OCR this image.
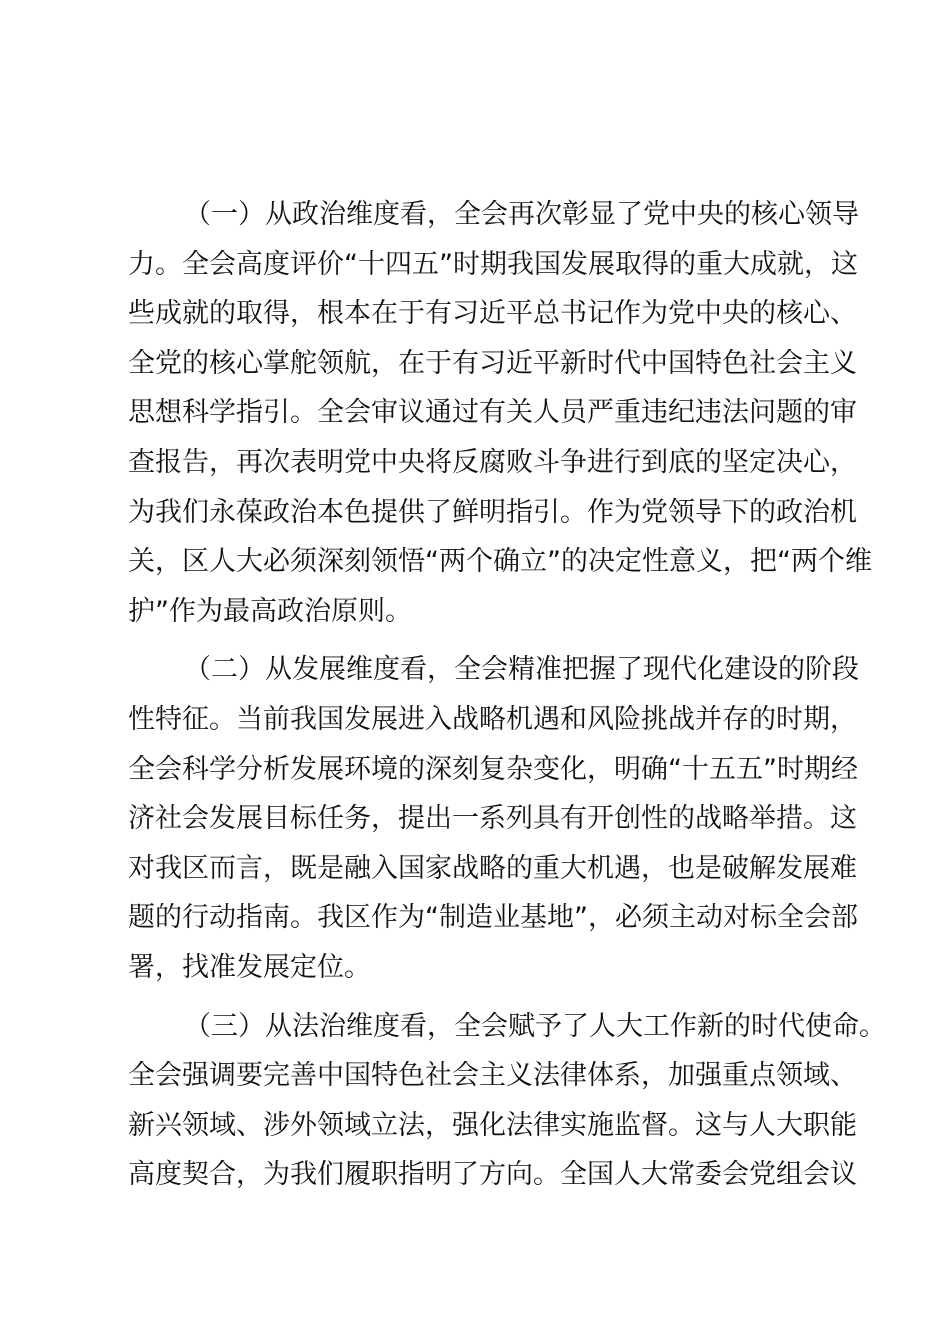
（一）从政治维度看，全会再次彰显了党中央的核心领导
力。全会高度评价“十四五”时期我国发展取得的重大成就，这
些成就的取得，根本在于有习近平总书记作为党中央的核心、
全党的核心掌舵领航，在于有习近平新时代中国特色社会主义
思想科学指引。全会审议通过有关人员严重违纪违法问题的审
查报告，再次表明党中央将反腐败斗争进行到底的坚定决心，
为我们永葆政治本色提供了鲜明指引。作为党领导下的政治机
关，区人大必须深刻领悟“两个确立”的决定性意义，把“两个维
护”作为最高政治原则。
（二）从发展维度看，全会精准把握了现代化建设的阶段
性特征。当前我国发展进入战略机遇和风险挑战并存的时期，
全会科学分析发展环境的深刻复杂变化，明确“十五五”时期经
济社会发展目标任务，提出一系列具有开创性的战略举措。这
对我区而言，既是融入国家战略的重大机遇，也是破解发展难
题的行动指南。我区作为“制造业基地”，必须主动对标全会部
署，找准发展定位。
（三）从法治维度看，全会赋予了人大工作新的时代使命。
全会强调要完善中国特色社会主义法律体系，加强重点领域、
新兴领域、涉外领域立法，强化法律实施监督。这与人大职能
高度契合，为我们履职指明了方向。全国人大常委会党组会议
